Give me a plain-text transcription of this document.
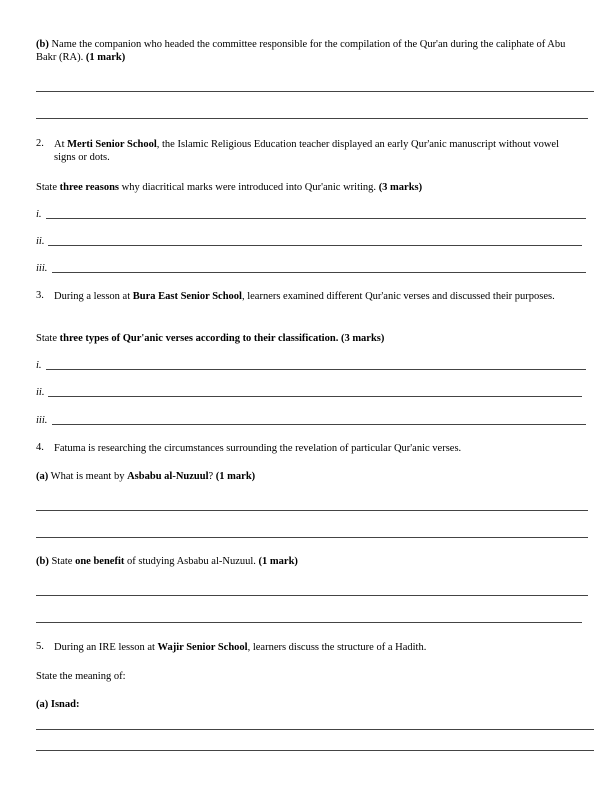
(b) Name the companion who headed the committee responsible for the compilation of the Qur'an during the caliphate of Abu Bakr (RA). (1 mark)
2. At Merti Senior School, the Islamic Religious Education teacher displayed an early Qur'anic manuscript without vowel signs or dots.
State three reasons why diacritical marks were introduced into Qur'anic writing. (3 marks)
i.
ii.
iii.
3. During a lesson at Bura East Senior School, learners examined different Qur'anic verses and discussed their purposes.
State three types of Qur'anic verses according to their classification. (3 marks)
i.
ii.
iii.
4. Fatuma is researching the circumstances surrounding the revelation of particular Qur'anic verses.
(a) What is meant by Asbabu al-Nuzuul? (1 mark)
(b) State one benefit of studying Asbabu al-Nuzuul. (1 mark)
5. During an IRE lesson at Wajir Senior School, learners discuss the structure of a Hadith.
State the meaning of:
(a) Isnad:
